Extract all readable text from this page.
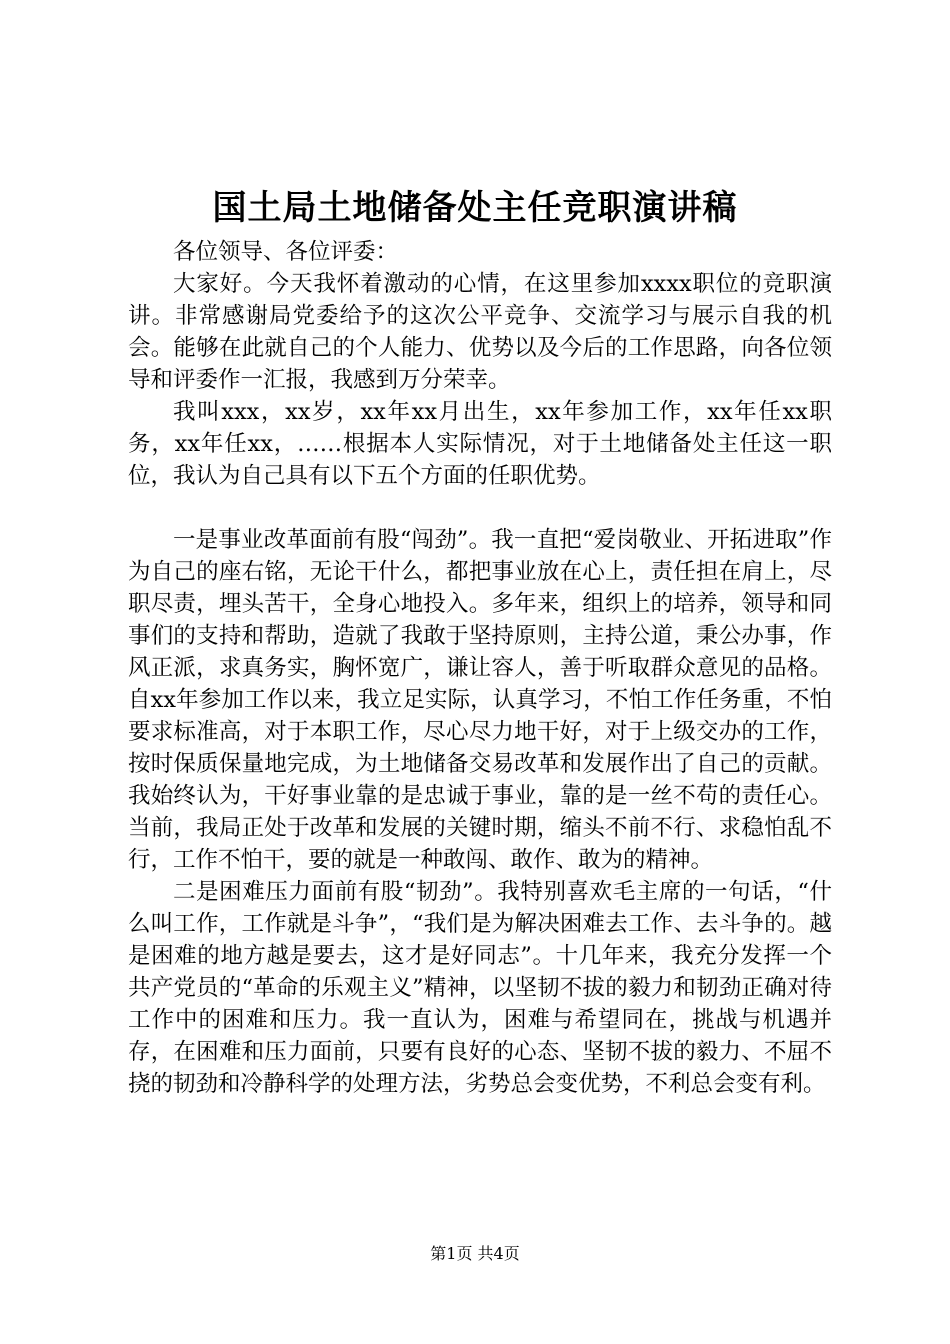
国土局土地储备处主任竞职演讲稿

各位领导、各位评委：

大家好。今天我怀着激动的心情，在这里参加xxxx职位的竞职演讲。非常感谢局党委给予的这次公平竞争、交流学习与展示自我的机会。能够在此就自己的个人能力、优势以及今后的工作思路，向各位领导和评委作一汇报，我感到万分荣幸。

我叫xxx，xx岁，xx年xx月出生，xx年参加工作，xx年任xx职务，xx年任xx，……根据本人实际情况，对于土地储备处主任这一职位，我认为自己具有以下五个方面的任职优势。

一是事业改革面前有股“闯劲”。我一直把“爱岗敬业、开拓进取”作为自己的座右铭，无论干什么，都把事业放在心上，责任担在肩上，尽职尽责，埋头苦干，全身心地投入。多年来，组织上的培养，领导和同事们的支持和帮助，造就了我敢于坚持原则，主持公道，秉公办事，作风正派，求真务实，胸怀宽广，谦让容人，善于听取群众意见的品格。自xx年参加工作以来，我立足实际，认真学习，不怕工作任务重，不怕要求标准高，对于本职工作，尽心尽力地干好，对于上级交办的工作，按时保质保量地完成，为土地储备交易改革和发展作出了自己的贡献。我始终认为，干好事业靠的是忠诚于事业，靠的是一丝不苟的责任心。当前，我局正处于改革和发展的关键时期，缩头不前不行、求稳怕乱不行，工作不怕干，要的就是一种敢闯、敢作、敢为的精神。

二是困难压力面前有股“韧劲”。我特别喜欢毛主席的一句话，“什么叫工作，工作就是斗争”，“我们是为解决困难去工作、去斗争的。越是困难的地方越是要去，这才是好同志”。十几年来，我充分发挥一个共产党员的“革命的乐观主义”精神，以坚韧不拔的毅力和韧劲正确对待工作中的困难和压力。我一直认为，困难与希望同在，挑战与机遇并存，在困难和压力面前，只要有良好的心态、坚韧不拔的毅力、不屈不挠的韧劲和冷静科学的处理方法，劣势总会变优势，不利总会变有利。

第1页 共4页
